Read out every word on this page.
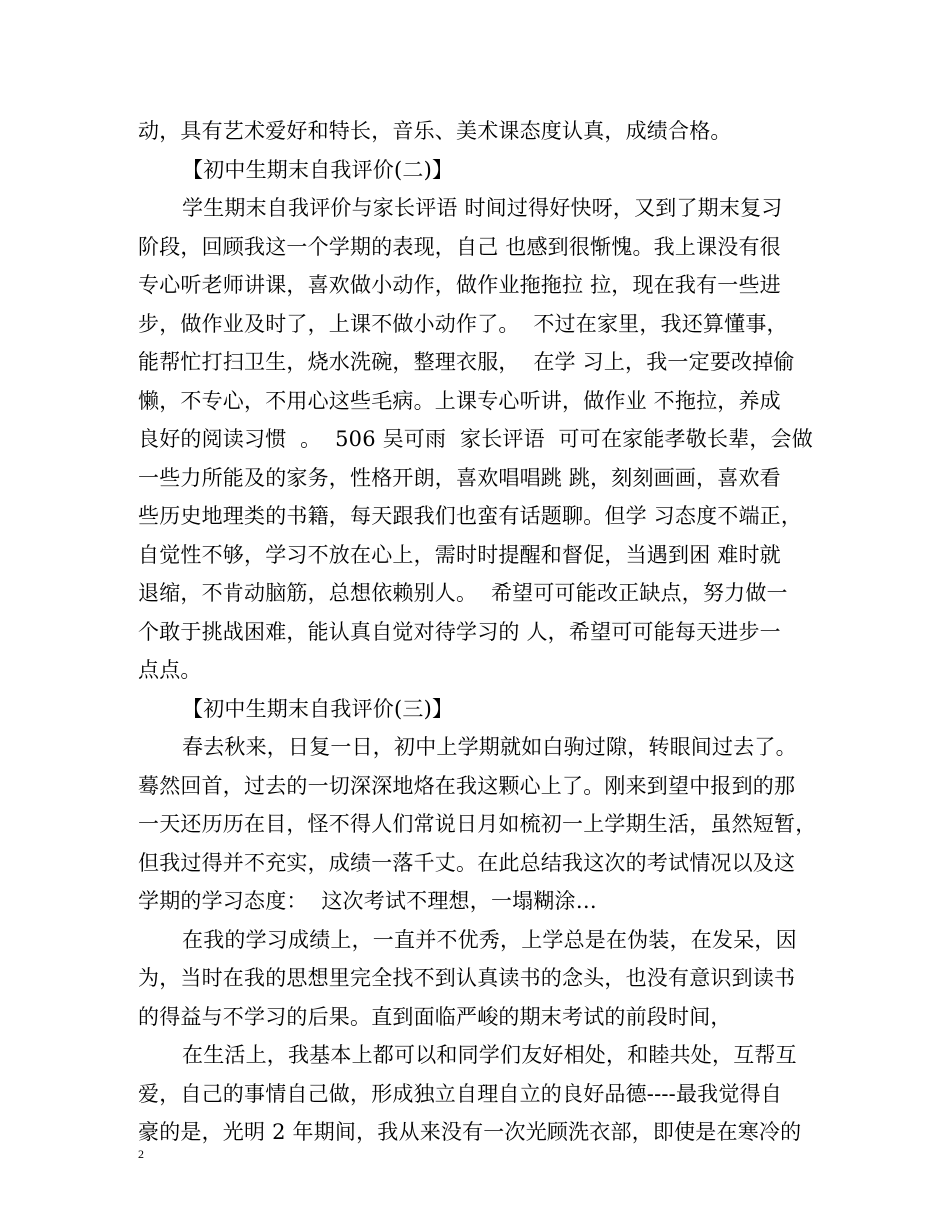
动，具有艺术爱好和特长，音乐、美术课态度认真，成绩合格。
【初中生期末自我评价(二)】
学生期末自我评价与家长评语 时间过得好快呀，又到了期末复习
阶段，回顾我这一个学期的表现，自己 也感到很惭愧。我上课没有很
专心听老师讲课，喜欢做小动作，做作业拖拖拉 拉，现在我有一些进
步，做作业及时了，上课不做小动作了。  不过在家里，我还算懂事，
能帮忙打扫卫生，烧水洗碗，整理衣服，  在学 习上，我一定要改掉偷
懒，不专心，不用心这些毛病。上课专心听讲，做作业 不拖拉，养成
良好的阅读习惯  。  506 吴可雨  家长评语  可可在家能孝敬长辈，会做
一些力所能及的家务，性格开朗，喜欢唱唱跳 跳，刻刻画画，喜欢看
些历史地理类的书籍，每天跟我们也蛮有话题聊。但学 习态度不端正，
自觉性不够，学习不放在心上，需时时提醒和督促，当遇到困 难时就
退缩，不肯动脑筋，总想依赖别人。  希望可可能改正缺点，努力做一
个敢于挑战困难，能认真自觉对待学习的 人，希望可可能每天进步一
点点。
【初中生期末自我评价(三)】
春去秋来，日复一日，初中上学期就如白驹过隙，转眼间过去了。
蓦然回首，过去的一切深深地烙在我这颗心上了。刚来到望中报到的那
一天还历历在目，怪不得人们常说日月如梳初一上学期生活，虽然短暂，
但我过得并不充实，成绩一落千丈。在此总结我这次的考试情况以及这
学期的学习态度：  这次考试不理想，一塌糊涂…
在我的学习成绩上，一直并不优秀，上学总是在伪装，在发呆，因
为，当时在我的思想里完全找不到认真读书的念头，也没有意识到读书
的得益与不学习的后果。直到面临严峻的期末考试的前段时间，
在生活上，我基本上都可以和同学们友好相处，和睦共处，互帮互
爱，自己的事情自己做，形成独立自理自立的良好品德----最我觉得自
豪的是，光明 2 年期间，我从来没有一次光顾洗衣部，即使是在寒冷的
2
